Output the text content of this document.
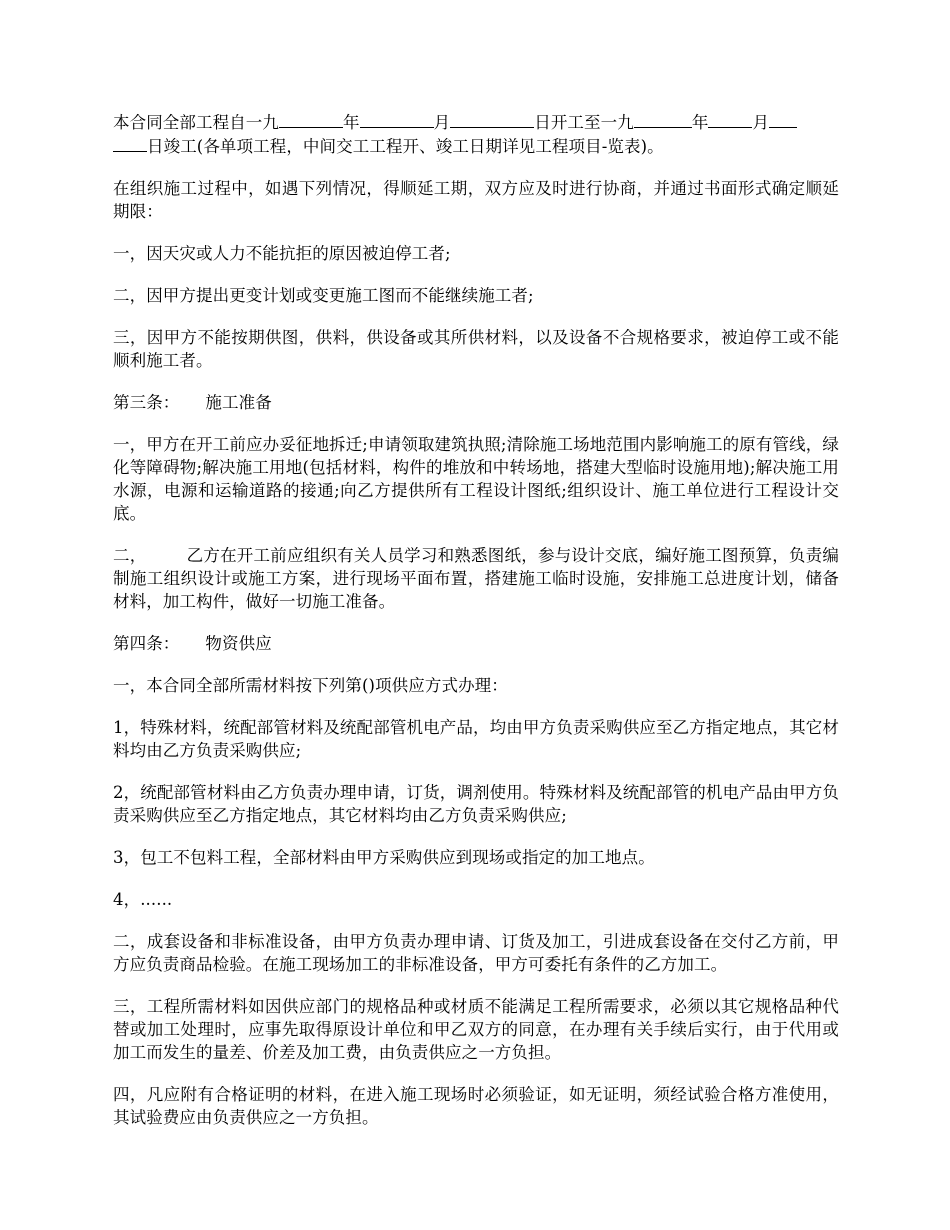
本合同全部工程自一九	年	月	日开工至一九	年	月
日竣工(各单项工程，中间交工工程开、竣工日期详见工程项目-览表)。

在组织施工过程中，如遇下列情况，得顺延工期，双方应及时进行协商，并通过书面形式确定顺延期限：

一，因天灾或人力不能抗拒的原因被迫停工者;

二，因甲方提出更变计划或变更施工图而不能继续施工者;

三，因甲方不能按期供图，供料，供设备或其所供材料，以及设备不合规格要求，被迫停工或不能顺利施工者。

第三条： 施工准备

一，甲方在开工前应办妥征地拆迁;申请领取建筑执照;清除施工场地范围内影响施工的原有管线，绿化等障碍物;解决施工用地(包括材料，构件的堆放和中转场地，搭建大型临时设施用地);解决施工用水源，电源和运输道路的接通;向乙方提供所有工程设计图纸;组织设计、施工单位进行工程设计交底。

二， 乙方在开工前应组织有关人员学习和熟悉图纸，参与设计交底，编好施工图预算，负责编制施工组织设计或施工方案，进行现场平面布置，搭建施工临时设施，安排施工总进度计划，储备材料，加工构件，做好一切施工准备。

第四条： 物资供应

一，本合同全部所需材料按下列第()项供应方式办理：

1，特殊材料，统配部管材料及统配部管机电产品，均由甲方负责采购供应至乙方指定地点，其它材料均由乙方负责采购供应;

2，统配部管材料由乙方负责办理申请，订货，调剂使用。特殊材料及统配部管的机电产品由甲方负责采购供应至乙方指定地点，其它材料均由乙方负责采购供应;

3，包工不包料工程，全部材料由甲方采购供应到现场或指定的加工地点。

4，......

二，成套设备和非标准设备，由甲方负责办理申请、订货及加工，引进成套设备在交付乙方前，甲方应负责商品检验。在施工现场加工的非标准设备，甲方可委托有条件的乙方加工。

三，工程所需材料如因供应部门的规格品种或材质不能满足工程所需要求，必须以其它规格品种代替或加工处理时，应事先取得原设计单位和甲乙双方的同意，在办理有关手续后实行，由于代用或加工而发生的量差、价差及加工费，由负责供应之一方负担。

四，凡应附有合格证明的材料，在进入施工现场时必须验证，如无证明，须经试验合格方准使用，其试验费应由负责供应之一方负担。
